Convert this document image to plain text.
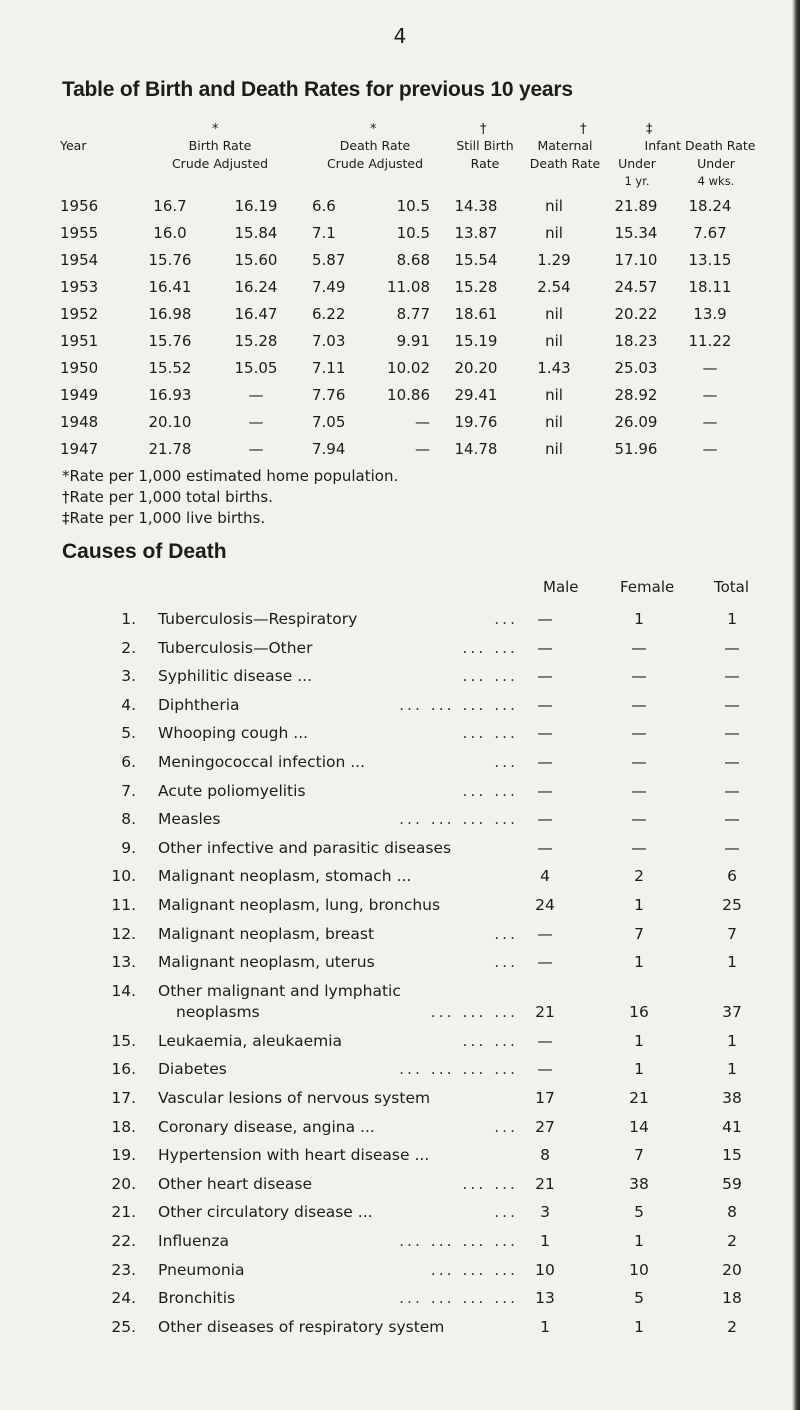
4
Table of Birth and Death Rates for previous 10 years
*	*	†	†	‡
Year	Birth Rate
Crude Adjusted
Death Rate
Crude Adjusted
Still Birth
Rate
Maternal
Death Rate
Infant Death Rate
Under
1 yr.
Under
4 wks.
1956	16.7	16.19	6.6	10.5	14.38	nil	21.89	18.24
1955	16.0	15.84	7.1	10.5	13.87	nil	15.34	7.67
1954	15.76	15.60	5.87	8.68	15.54	1.29	17.10	13.15
1953	16.41	16.24	7.49	11.08	15.28	2.54	24.57	18.11
1952	16.98	16.47	6.22	8.77	18.61	nil	20.22	13.9
1951	15.76	15.28	7.03	9.91	15.19	nil	18.23	11.22
1950	15.52	15.05	7.11	10.02	20.20	1.43	25.03	—
1949	16.93	—	7.76	10.86	29.41	nil	28.92	—
1948	20.10	—	7.05	—	19.76	nil	26.09	—
1947	21.78	—	7.94	—	14.78	nil	51.96	—
*Rate per 1,000 estimated home population.
†Rate per 1,000 total births.
‡Rate per 1,000 live births.
Causes of Death
Male	Female	Total
1. Tuberculosis—Respiratory	...	—	1	1
2. Tuberculosis—Other	... ...	—	—	—
3. Syphilitic disease ...	... ...	—	—	—
4. Diphtheria	... ... ... ...	—	—	—
5. Whooping cough ...	... ...	—	—	—
6. Meningococcal infection ...	...	—	—	—
7. Acute poliomyelitis	... ...	—	—	—
8. Measles	... ... ... ...	—	—	—
9. Other infective and parasitic diseases	—	—	—
10. Malignant neoplasm, stomach ...	4	2	6
11. Malignant neoplasm, lung, bronchus	24	1	25
12. Malignant neoplasm, breast	...	—	7	7
13. Malignant neoplasm, uterus	...	—	1	1
14. Other malignant and lymphatic
neoplasms	... ... ...	21	16	37
15. Leukaemia, aleukaemia	... ...	—	1	1
16. Diabetes	... ... ... ...	—	1	1
17. Vascular lesions of nervous system	17	21	38
18. Coronary disease, angina ...	...	27	14	41
19. Hypertension with heart disease ...	8	7	15
20. Other heart disease	... ...	21	38	59
21. Other circulatory disease ...	...	3	5	8
22. Influenza	... ... ... ...	1	1	2
23. Pneumonia	... ... ...	10	10	20
24. Bronchitis	... ... ... ...	13	5	18
25. Other diseases of respiratory system	1	1	2
